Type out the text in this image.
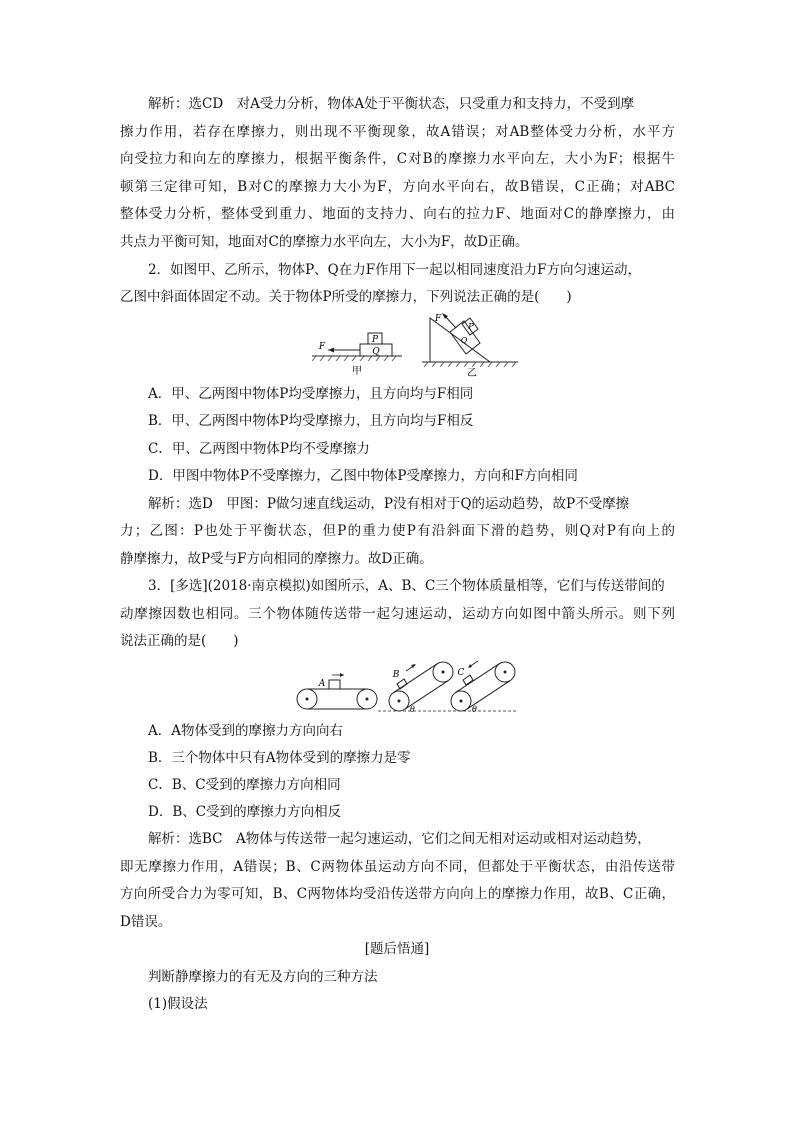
解析：选CD　对A受力分析，物体A处于平衡状态，只受重力和支持力，不受到摩
擦力作用，若存在摩擦力，则出现不平衡现象，故A错误；对AB整体受力分析，水平方
向受拉力和向左的摩擦力，根据平衡条件，C对B的摩擦力水平向左，大小为F；根据牛
顿第三定律可知，B对C的摩擦力大小为F，方向水平向右，故B错误，C正确；对ABC
整体受力分析，整体受到重力、地面的支持力、向右的拉力F、地面对C的静摩擦力，由
共点力平衡可知，地面对C的摩擦力水平向左，大小为F，故D正确。
2．如图甲、乙所示，物体P、Q在力F作用下一起以相同速度沿力F方向匀速运动，
乙图中斜面体固定不动。关于物体P所受的摩擦力，下列说法正确的是(　　)
P
Q
F
甲
P
Q
F
乙
A．甲、乙两图中物体P均受摩擦力，且方向均与F相同
B．甲、乙两图中物体P均受摩擦力，且方向均与F相反
C．甲、乙两图中物体P均不受摩擦力
D．甲图中物体P不受摩擦力，乙图中物体P受摩擦力，方向和F方向相同
解析：选D　甲图：P做匀速直线运动，P没有相对于Q的运动趋势，故P不受摩擦
力；乙图：P也处于平衡状态，但P的重力使P有沿斜面下滑的趋势，则Q对P有向上的
静摩擦力，故P受与F方向相同的摩擦力。故D正确。
3．[多选](2018·南京模拟)如图所示，A、B、C三个物体质量相等，它们与传送带间的
动摩擦因数也相同。三个物体随传送带一起匀速运动，运动方向如图中箭头所示。则下列
说法正确的是(　　)
A
B
θ
C
θ
A．A物体受到的摩擦力方向向右
B．三个物体中只有A物体受到的摩擦力是零
C．B、C受到的摩擦力方向相同
D．B、C受到的摩擦力方向相反
解析：选BC　A物体与传送带一起匀速运动，它们之间无相对运动或相对运动趋势，
即无摩擦力作用，A错误；B、C两物体虽运动方向不同，但都处于平衡状态，由沿传送带
方向所受合力为零可知，B、C两物体均受沿传送带方向向上的摩擦力作用，故B、C正确，
D错误。
[题后悟通]
判断静摩擦力的有无及方向的三种方法
(1)假设法
